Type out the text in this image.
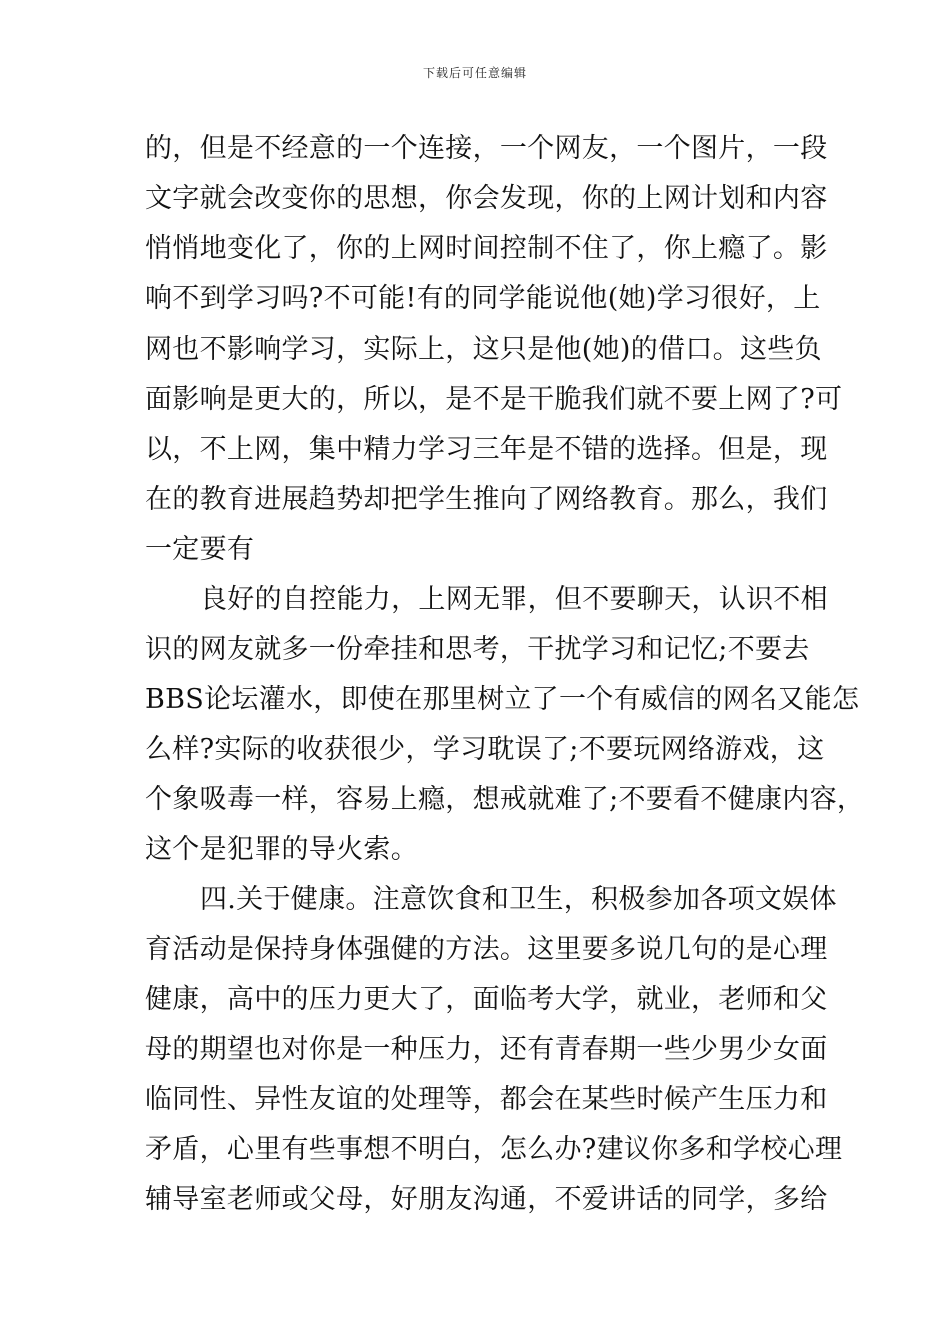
下载后可任意编辑
的，但是不经意的一个连接，一个网友，一个图片，一段
文字就会改变你的思想，你会发现，你的上网计划和内容
悄悄地变化了，你的上网时间控制不住了，你上瘾了。影
响不到学习吗?不可能!有的同学能说他(她)学习很好，上
网也不影响学习，实际上，这只是他(她)的借口。这些负
面影响是更大的，所以，是不是干脆我们就不要上网了?可
以，不上网，集中精力学习三年是不错的选择。但是，现
在的教育进展趋势却把学生推向了网络教育。那么，我们
一定要有
良好的自控能力，上网无罪，但不要聊天，认识不相
识的网友就多一份牵挂和思考，干扰学习和记忆;不要去
BBS论坛灌水，即使在那里树立了一个有威信的网名又能怎
么样?实际的收获很少，学习耽误了;不要玩网络游戏，这
个象吸毒一样，容易上瘾，想戒就难了;不要看不健康内容，
这个是犯罪的导火索。
四.关于健康。注意饮食和卫生，积极参加各项文娱体
育活动是保持身体强健的方法。这里要多说几句的是心理
健康，高中的压力更大了，面临考大学，就业，老师和父
母的期望也对你是一种压力，还有青春期一些少男少女面
临同性、异性友谊的处理等，都会在某些时候产生压力和
矛盾，心里有些事想不明白，怎么办?建议你多和学校心理
辅导室老师或父母，好朋友沟通，不爱讲话的同学，多给
